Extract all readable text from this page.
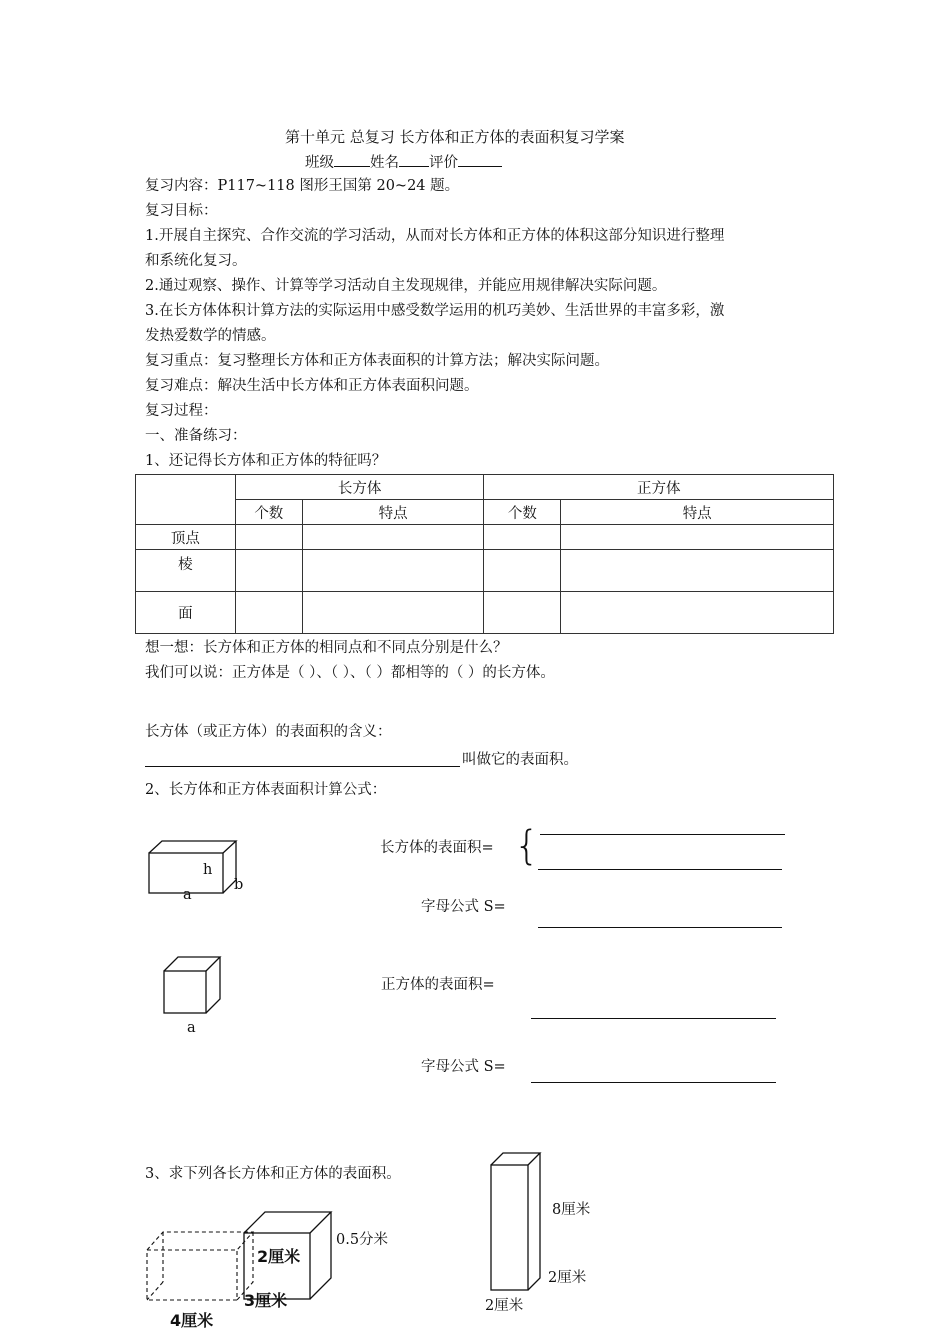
第十单元 总复习 长方体和正方体的表面积复习学案
班级 姓名 评价
复习内容：P117~118 图形王国第 20~24 题。
复习目标：
1.开展自主探究、合作交流的学习活动，从而对长方体和正方体的体积这部分知识进行整理
和系统化复习。
2.通过观察、操作、计算等学习活动自主发现规律，并能应用规律解决实际问题。
3.在长方体体积计算方法的实际运用中感受数学运用的机巧美妙、生活世界的丰富多彩，激
发热爱数学的情感。
复习重点：复习整理长方体和正方体表面积的计算方法；解决实际问题。
复习难点：解决生活中长方体和正方体表面积问题。
复习过程：
一、准备练习：
1、还记得长方体和正方体的特征吗？
	长方体		正方体	
	个数	特点	个数	特点
顶点				
棱				
面				
想一想：长方体和正方体的相同点和不同点分别是什么？
我们可以说：正方体是（ ）、（ ）、（ ）都相等的（ ）的长方体。
长方体（或正方体）的表面积的含义：
叫做它的表面积。
2、长方体和正方体表面积计算公式：
h
a
b
长方体的表面积= {
字母公式 S=
a
正方体的表面积=
字母公式 S=
3、求下列各长方体和正方体的表面积。
0.5分米
2厘米
3厘米
4厘米
8厘米
2厘米
2厘米
